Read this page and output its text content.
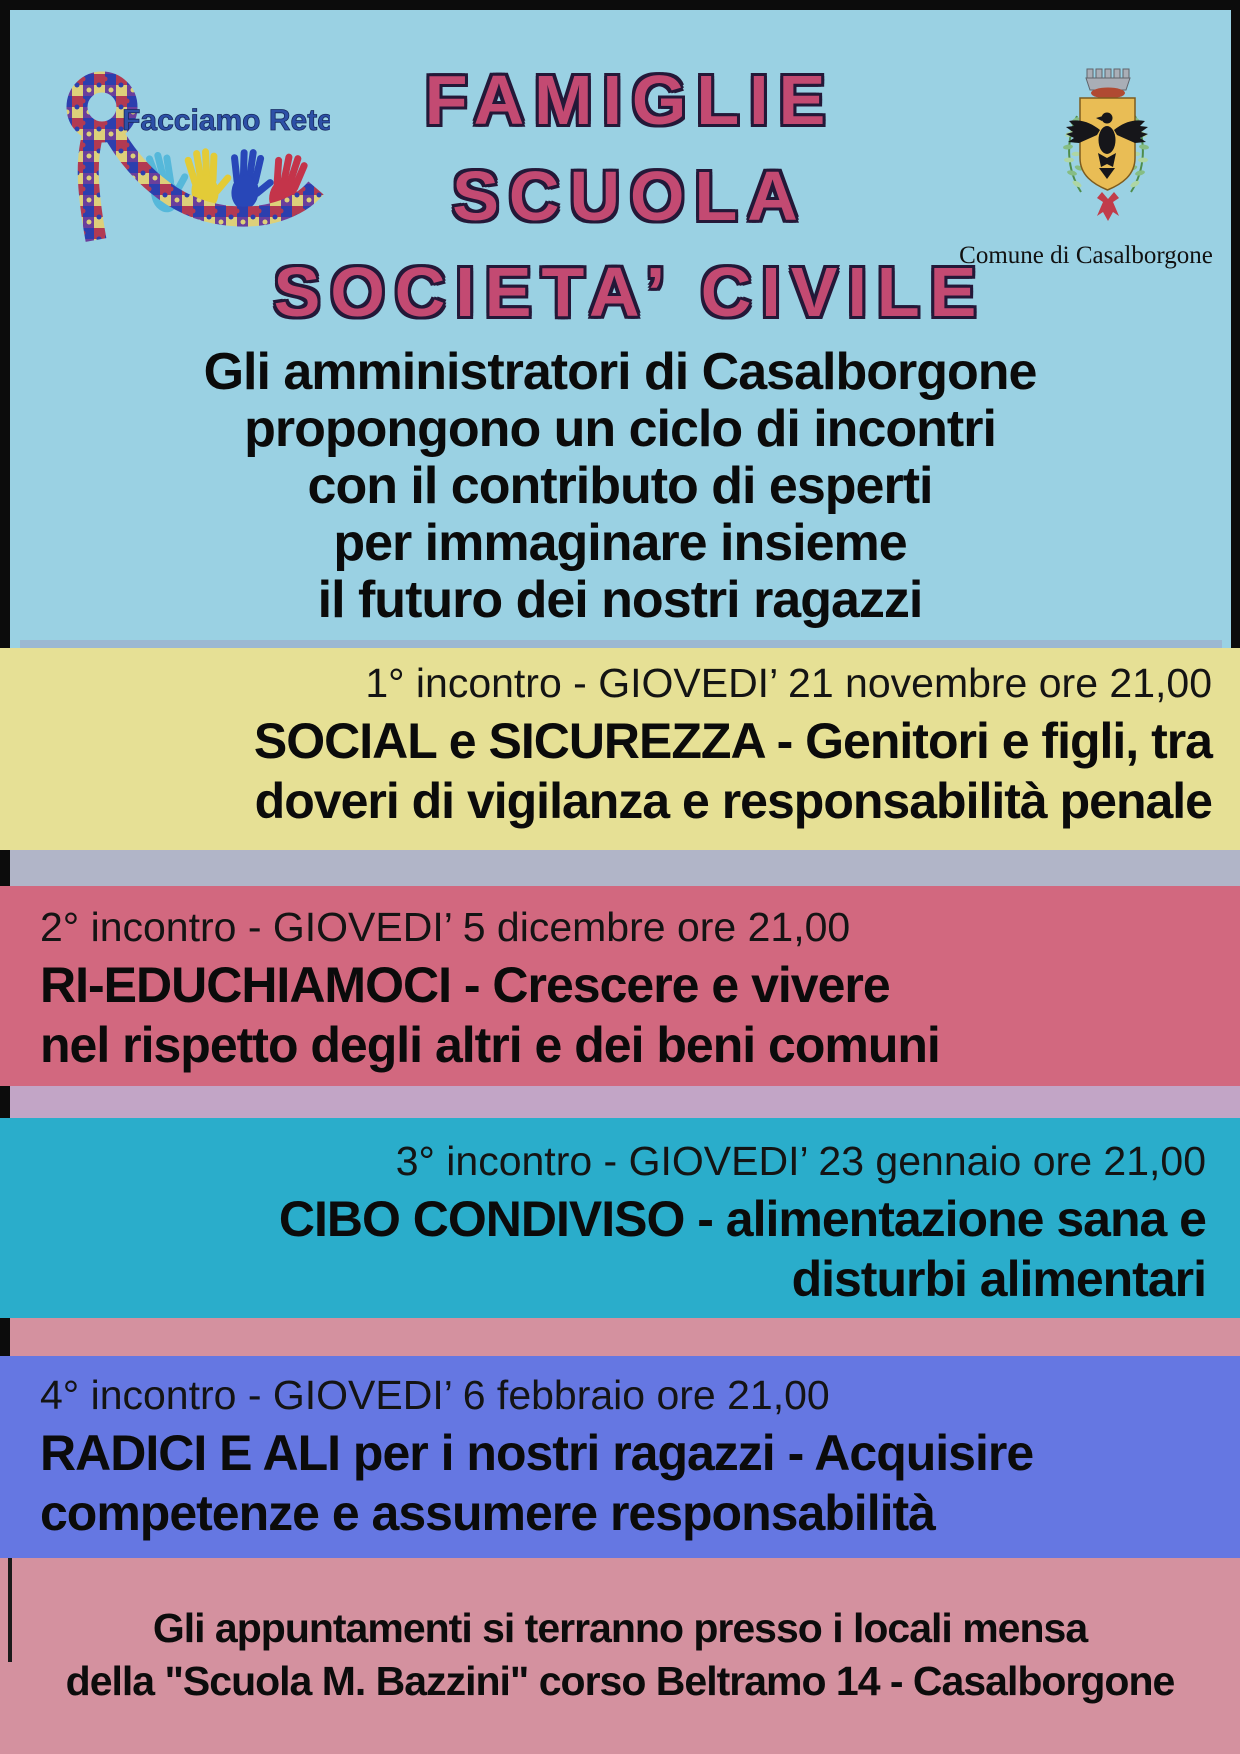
Facciamo Rete	FAMIGLIE
SCUOLA
SOCIETA’ CIVILE
Comune di Casalborgone
Gli amministratori di Casalborgone
propongono un ciclo di incontri
con il contributo di esperti
per immaginare insieme
il futuro dei nostri ragazzi
1° incontro - GIOVEDI’ 21 novembre ore 21,00
SOCIAL e SICUREZZA - Genitori e figli, tra
doveri di vigilanza e responsabilità penale
2° incontro - GIOVEDI’ 5 dicembre ore 21,00
RI-EDUCHIAMOCI - Crescere e vivere
nel rispetto degli altri e dei beni comuni
3° incontro - GIOVEDI’ 23 gennaio ore 21,00
CIBO CONDIVISO - alimentazione sana e
disturbi alimentari
4° incontro - GIOVEDI’ 6 febbraio ore 21,00
RADICI E ALI per i nostri ragazzi - Acquisire
competenze e assumere responsabilità
Gli appuntamenti si terranno presso i locali mensa
della "Scuola M. Bazzini" corso Beltramo 14 - Casalborgone
